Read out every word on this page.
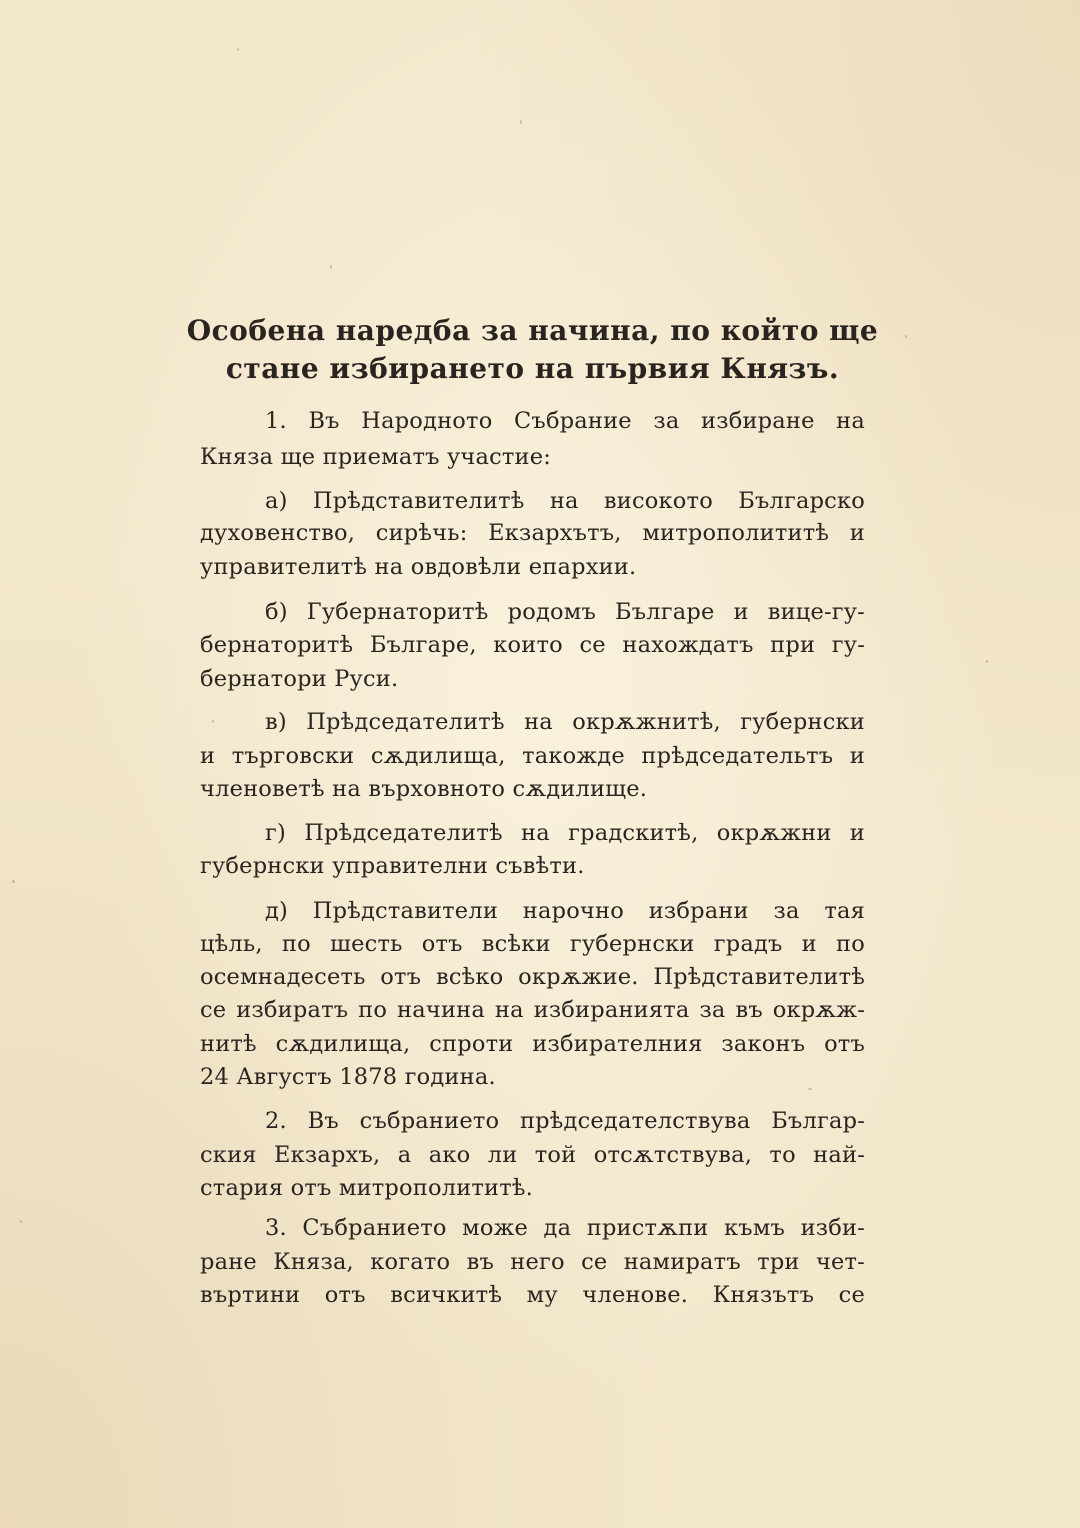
Особена наредба за начина, по който ще
стане избирането на първия Князъ.
1. Въ Народното Събрание за избиране на
Княза ще приематъ участие:
а) Прѣдставителитѣ на високото Българско
духовенство, сирѣчь: Екзархътъ, митрополититѣ и
управителитѣ на овдовѣли епархии.
б) Губернаторитѣ родомъ Българе и вице-гу-
бернаторитѣ Българе, които се нахождатъ при гу-
бернатори Руси.
в) Прѣдседателитѣ на окрѫжнитѣ, губернски
и търговски сѫдилища, такожде прѣдседательтъ и
членоветѣ на върховното сѫдилище.
г) Прѣдседателитѣ на градскитѣ, окрѫжни и
губернски управителни съвѣти.
д) Прѣдставители нарочно избрани за тая
цѣль, по шесть отъ всѣки губернски градъ и по
осемнадесеть отъ всѣко окрѫжие. Прѣдставителитѣ
се избиратъ по начина на избиранията за въ окрѫж-
нитѣ сѫдилища, спроти избирателния законъ отъ
24 Августъ 1878 година.
2. Въ събранието прѣдседателствува Българ-
ския Екзархъ, а ако ли той отсѫтствува, то най-
стария отъ митрополититѣ.
3. Събранието може да пристѫпи къмъ изби-
ране Княза, когато въ него се намиратъ три чет-
въртини отъ всичкитѣ му членове. Князътъ се
